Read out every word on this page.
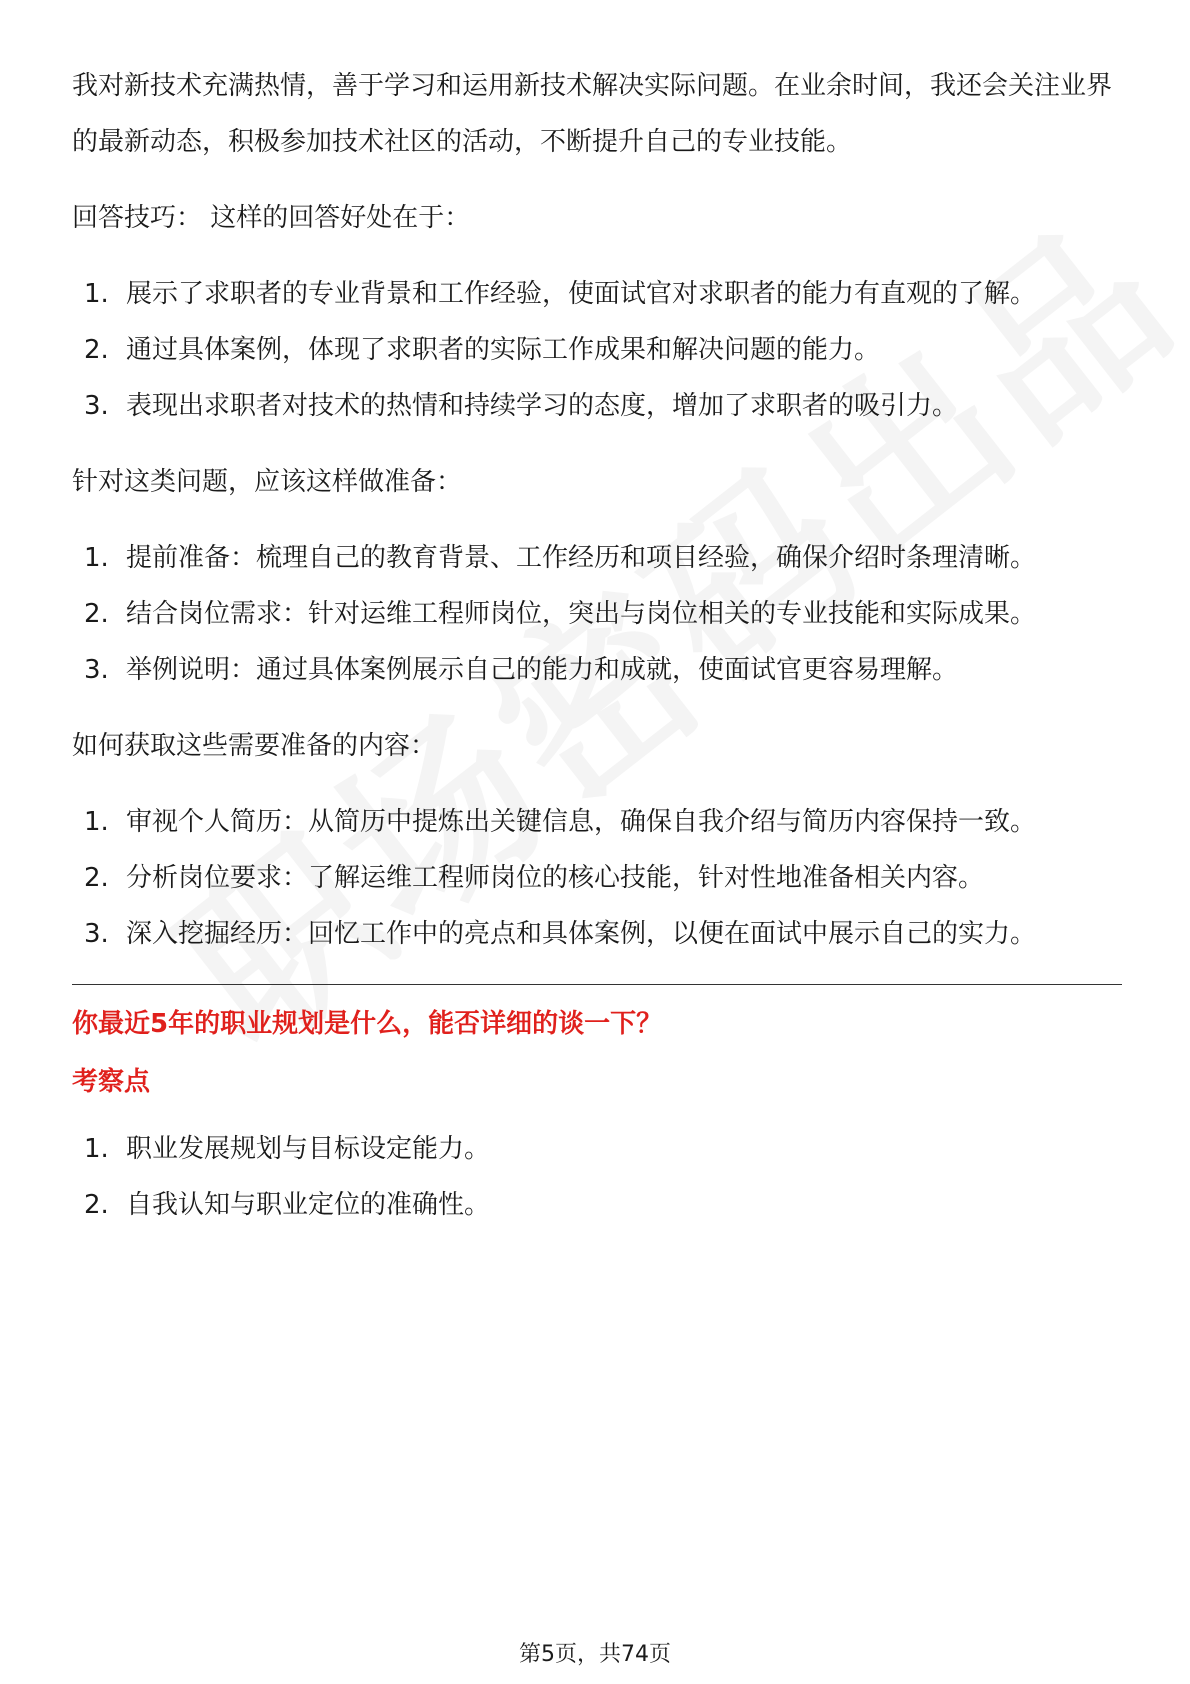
我对新技术充满热情，善于学习和运用新技术解决实际问题。在业余时间，我还会关注业界的最新动态，积极参加技术社区的活动，不断提升自己的专业技能。

回答技巧： 这样的回答好处在于：

1. 展示了求职者的专业背景和工作经验，使面试官对求职者的能力有直观的了解。
2. 通过具体案例，体现了求职者的实际工作成果和解决问题的能力。
3. 表现出求职者对技术的热情和持续学习的态度，增加了求职者的吸引力。

针对这类问题，应该这样做准备：

1. 提前准备：梳理自己的教育背景、工作经历和项目经验，确保介绍时条理清晰。
2. 结合岗位需求：针对运维工程师岗位，突出与岗位相关的专业技能和实际成果。
3. 举例说明：通过具体案例展示自己的能力和成就，使面试官更容易理解。

如何获取这些需要准备的内容：

1. 审视个人简历：从简历中提炼出关键信息，确保自我介绍与简历内容保持一致。
2. 分析岗位要求：了解运维工程师岗位的核心技能，针对性地准备相关内容。
3. 深入挖掘经历：回忆工作中的亮点和具体案例，以便在面试中展示自己的实力。

你最近5年的职业规划是什么，能否详细的谈一下？

考察点

1. 职业发展规划与目标设定能力。
2. 自我认知与职业定位的准确性。
第5页，共74页
